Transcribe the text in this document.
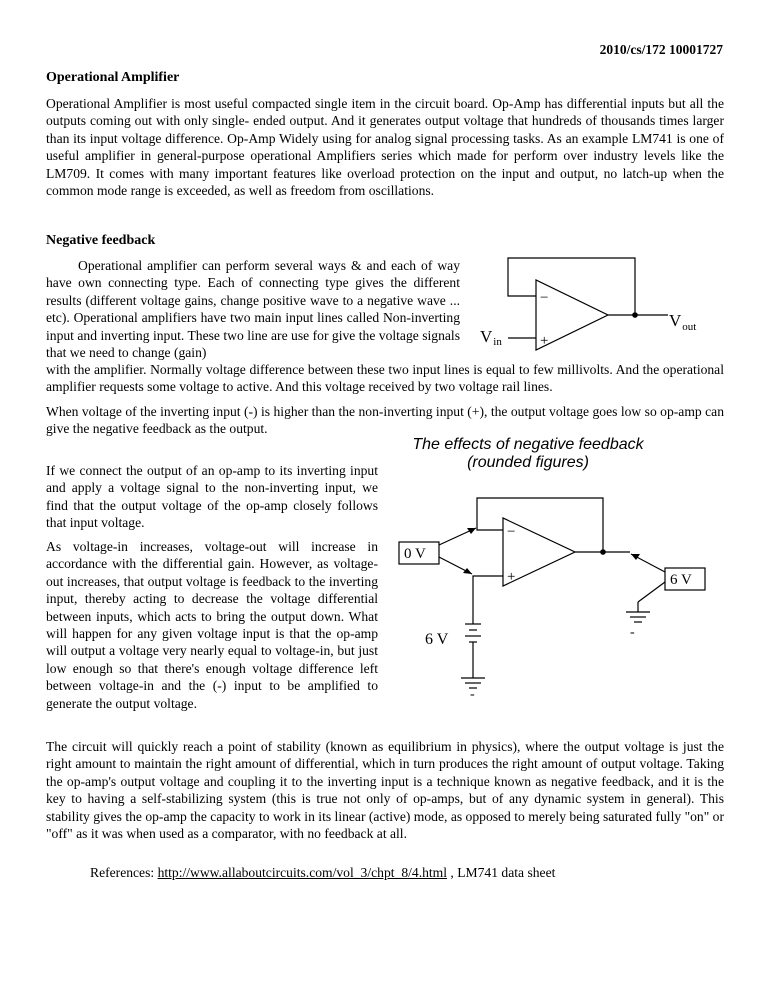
2010/cs/172 10001727
Operational Amplifier
Operational Amplifier is most useful compacted single item in the circuit board. Op-Amp has differential inputs but all the outputs coming out with only single- ended output. And it generates output voltage that hundreds of thousands times larger than its input voltage difference. Op-Amp Widely using for analog signal processing tasks. As an example LM741 is one of useful amplifier in general-purpose operational Amplifiers series which made for perform over industry levels like the LM709. It comes with many important features like overload protection on the input and output, no latch-up when the common mode range is exceeded, as well as freedom from oscillations.
Negative feedback
Operational amplifier can perform several ways & and each of way have own connecting type. Each of connecting type gives the different results (different voltage gains, change positive wave to a negative wave ... etc). Operational amplifiers have two main input lines called Non-inverting input and inverting input. These two line are use for give the voltage signals that we need to change (gain)
with the amplifier. Normally voltage difference between these two input lines is equal to few millivolts. And the operational amplifier requests some voltage to active. And this voltage received by two voltage rail lines.
When voltage of the inverting input (-) is higher than the non-inverting input (+), the output voltage goes low so op-amp can give the negative feedback as the output.
If we connect the output of an op-amp to its inverting input and apply a voltage signal to the non-inverting input, we find that the output voltage of the op-amp closely follows that input voltage.
As voltage-in increases, voltage-out will increase in accordance with the differential gain. However, as voltage-out increases, that output voltage is feedback to the inverting input, thereby acting to decrease the voltage differential between inputs, which acts to bring the output down. What will happen for any given voltage input is that the op-amp will output a voltage very nearly equal to voltage-in, but just low enough so that there's enough voltage difference left between voltage-in and the (-) input to be amplified to generate the output voltage.
The circuit will quickly reach a point of stability (known as equilibrium in physics), where the output voltage is just the right amount to maintain the right amount of differential, which in turn produces the right amount of output voltage. Taking the op-amp's output voltage and coupling it to the inverting input is a technique known as negative feedback, and it is the key to having a self-stabilizing system (this is true not only of op-amps, but of any dynamic system in general). This stability gives the op-amp the capacity to work in its linear (active) mode, as opposed to merely being saturated fully "on" or "off" as it was when used as a comparator, with no feedback at all.
References: http://www.allaboutcircuits.com/vol_3/chpt_8/4.html , LM741 data sheet
−
+
Vin
$V_{out}$
The effects of negative feedback
(rounded figures)
−
+
0 V
6 V
6 V	-
-
